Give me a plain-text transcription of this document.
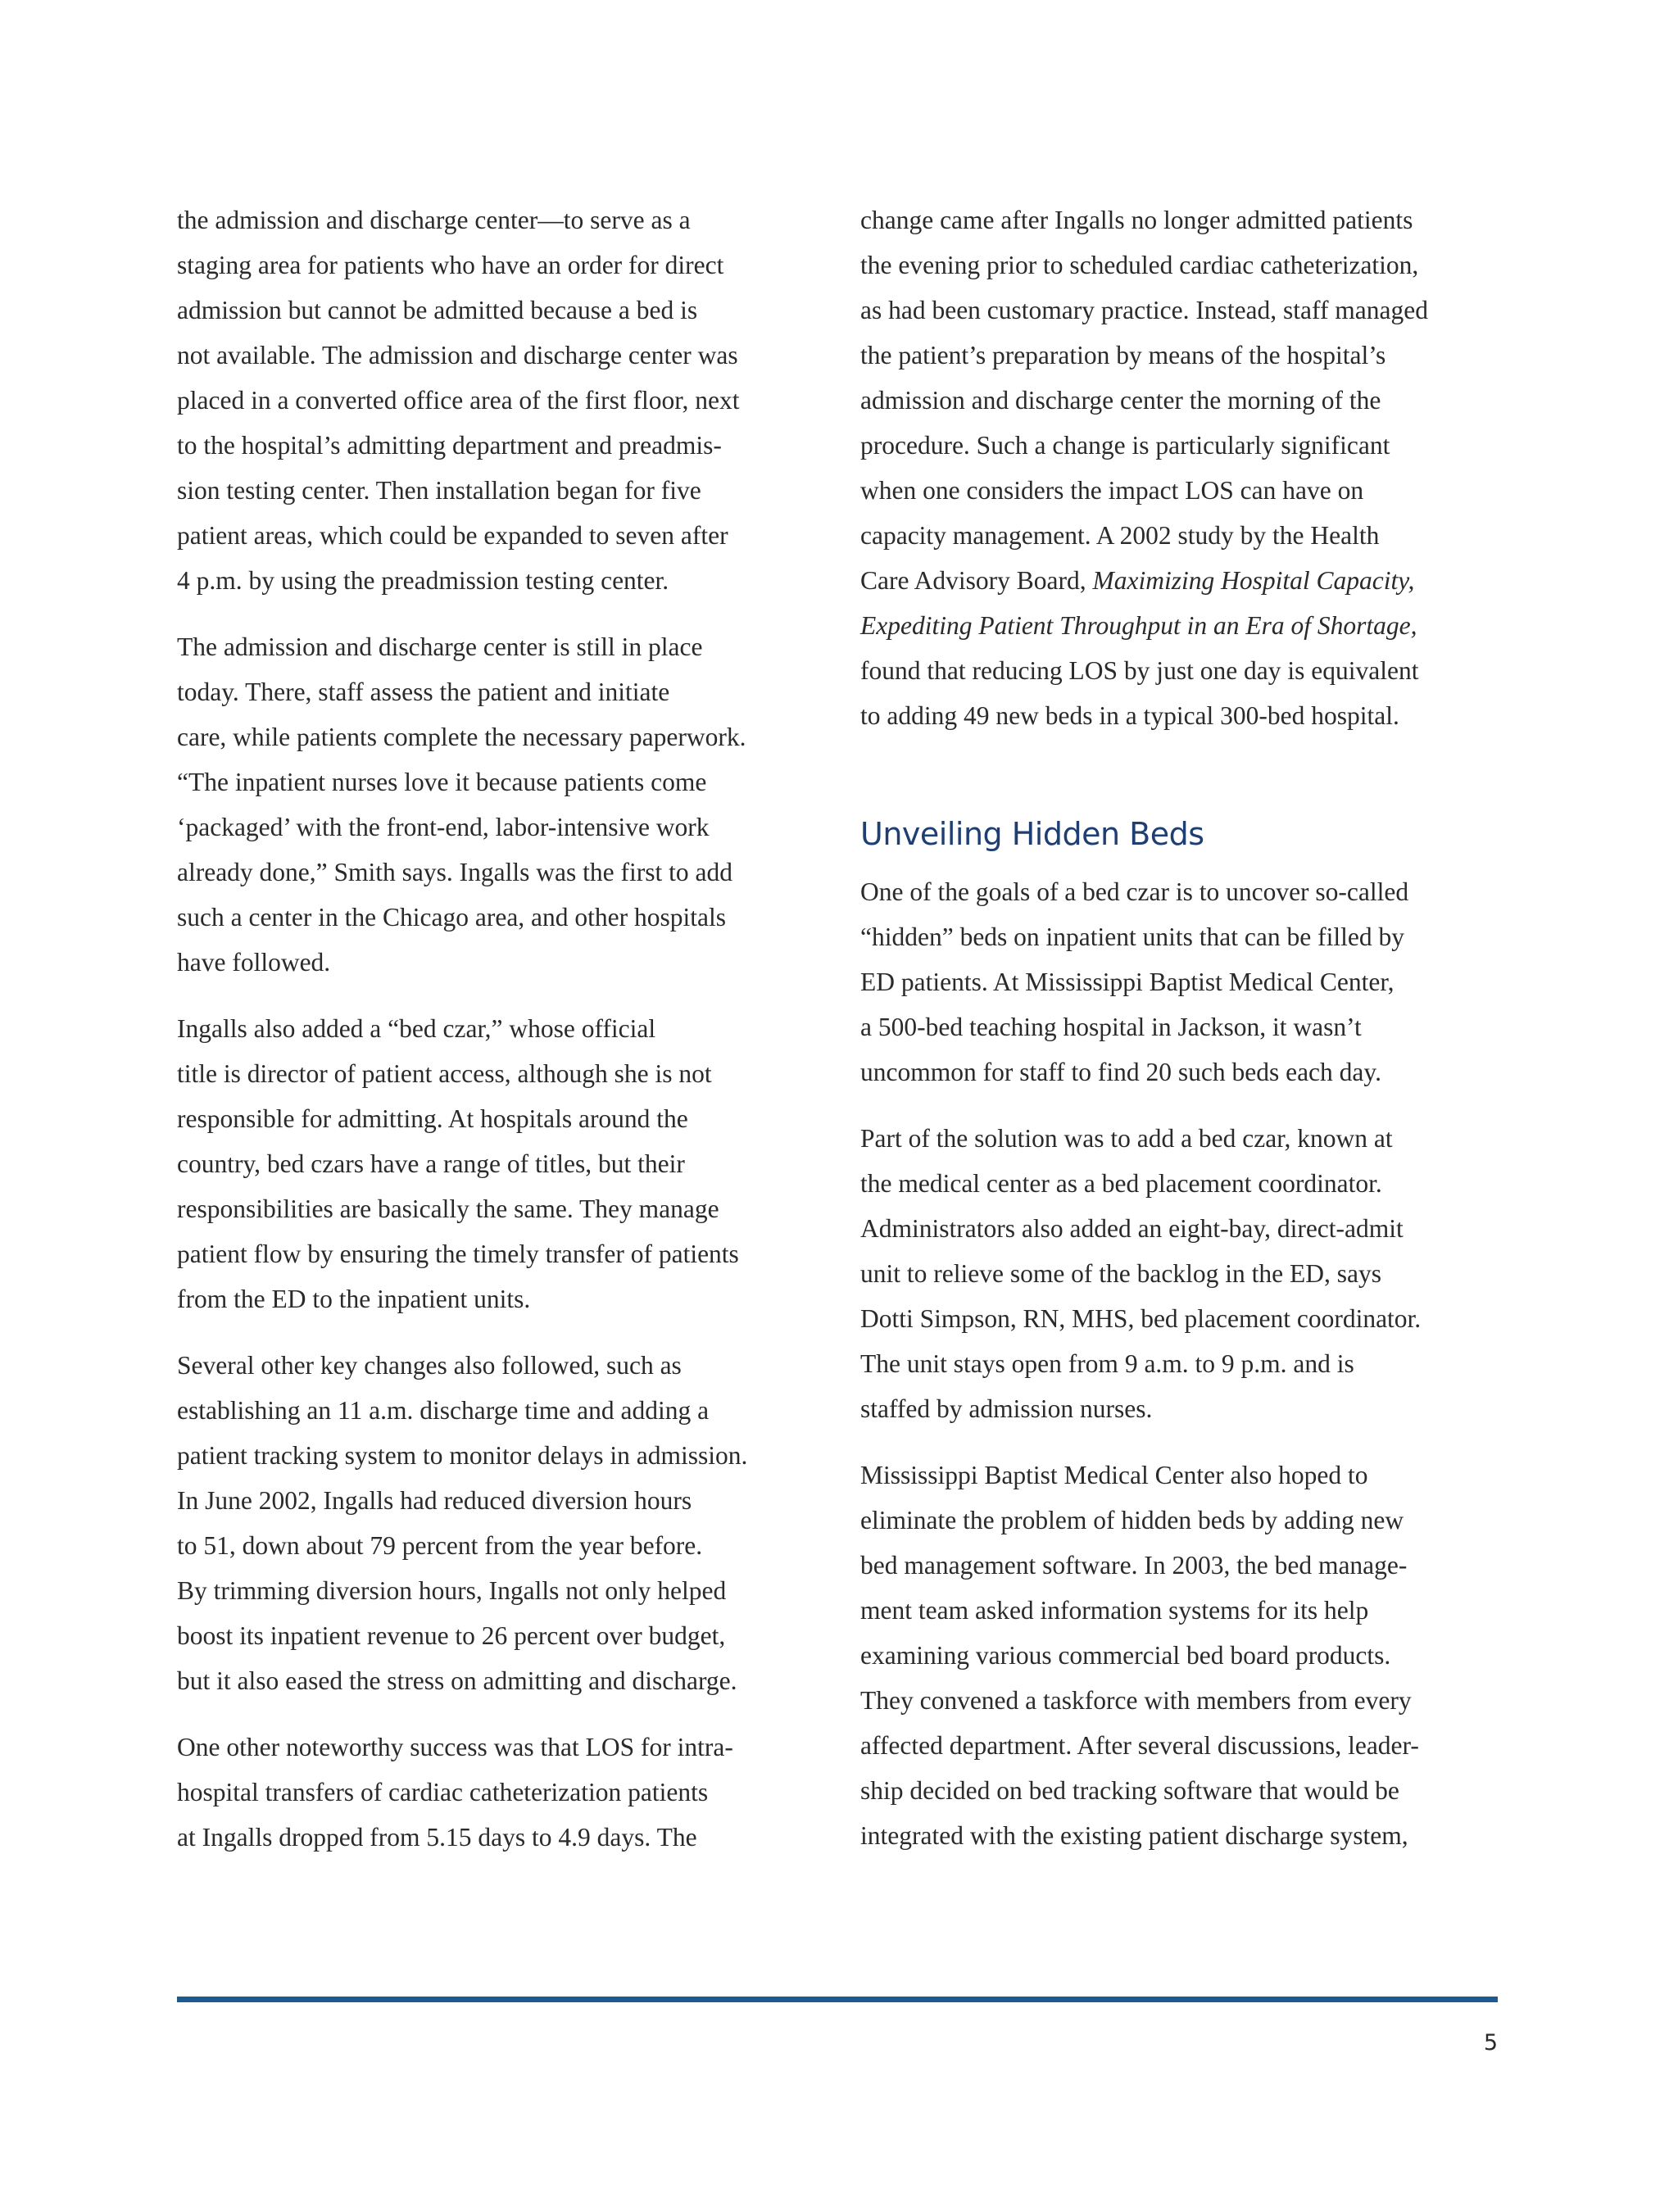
the admission and discharge center—to serve as a
staging area for patients who have an order for direct
admission but cannot be admitted because a bed is
not available. The admission and discharge center was
placed in a converted office area of the first floor, next
to the hospital’s admitting department and preadmis-
sion testing center. Then installation began for five
patient areas, which could be expanded to seven after
4 p.m. by using the preadmission testing center.
The admission and discharge center is still in place
today. There, staff assess the patient and initiate
care, while patients complete the necessary paperwork.
“The inpatient nurses love it because patients come
‘packaged’ with the front-end, labor-intensive work
already done,” Smith says. Ingalls was the first to add
such a center in the Chicago area, and other hospitals
have followed.
Ingalls also added a “bed czar,” whose official
title is director of patient access, although she is not
responsible for admitting. At hospitals around the
country, bed czars have a range of titles, but their
responsibilities are basically the same. They manage
patient flow by ensuring the timely transfer of patients
from the ED to the inpatient units.
Several other key changes also followed, such as
establishing an 11 a.m. discharge time and adding a
patient tracking system to monitor delays in admission.
In June 2002, Ingalls had reduced diversion hours
to 51, down about 79 percent from the year before.
By trimming diversion hours, Ingalls not only helped
boost its inpatient revenue to 26 percent over budget,
but it also eased the stress on admitting and discharge.
One other noteworthy success was that LOS for intra-
hospital transfers of cardiac catheterization patients
at Ingalls dropped from 5.15 days to 4.9 days. The
change came after Ingalls no longer admitted patients
the evening prior to scheduled cardiac catheterization,
as had been customary practice. Instead, staff managed
the patient’s preparation by means of the hospital’s
admission and discharge center the morning of the
procedure. Such a change is particularly significant
when one considers the impact LOS can have on
capacity management. A 2002 study by the Health
Care Advisory Board, Maximizing Hospital Capacity,
Expediting Patient Throughput in an Era of Shortage,
found that reducing LOS by just one day is equivalent
to adding 49 new beds in a typical 300-bed hospital.
Unveiling Hidden Beds
One of the goals of a bed czar is to uncover so-called
“hidden” beds on inpatient units that can be filled by
ED patients. At Mississippi Baptist Medical Center,
a 500-bed teaching hospital in Jackson, it wasn’t
uncommon for staff to find 20 such beds each day.
Part of the solution was to add a bed czar, known at
the medical center as a bed placement coordinator.
Administrators also added an eight-bay, direct-admit
unit to relieve some of the backlog in the ED, says
Dotti Simpson, RN, MHS, bed placement coordinator.
The unit stays open from 9 a.m. to 9 p.m. and is
staffed by admission nurses.
Mississippi Baptist Medical Center also hoped to
eliminate the problem of hidden beds by adding new
bed management software. In 2003, the bed manage-
ment team asked information systems for its help
examining various commercial bed board products.
They convened a taskforce with members from every
affected department. After several discussions, leader-
ship decided on bed tracking software that would be
integrated with the existing patient discharge system,
5
